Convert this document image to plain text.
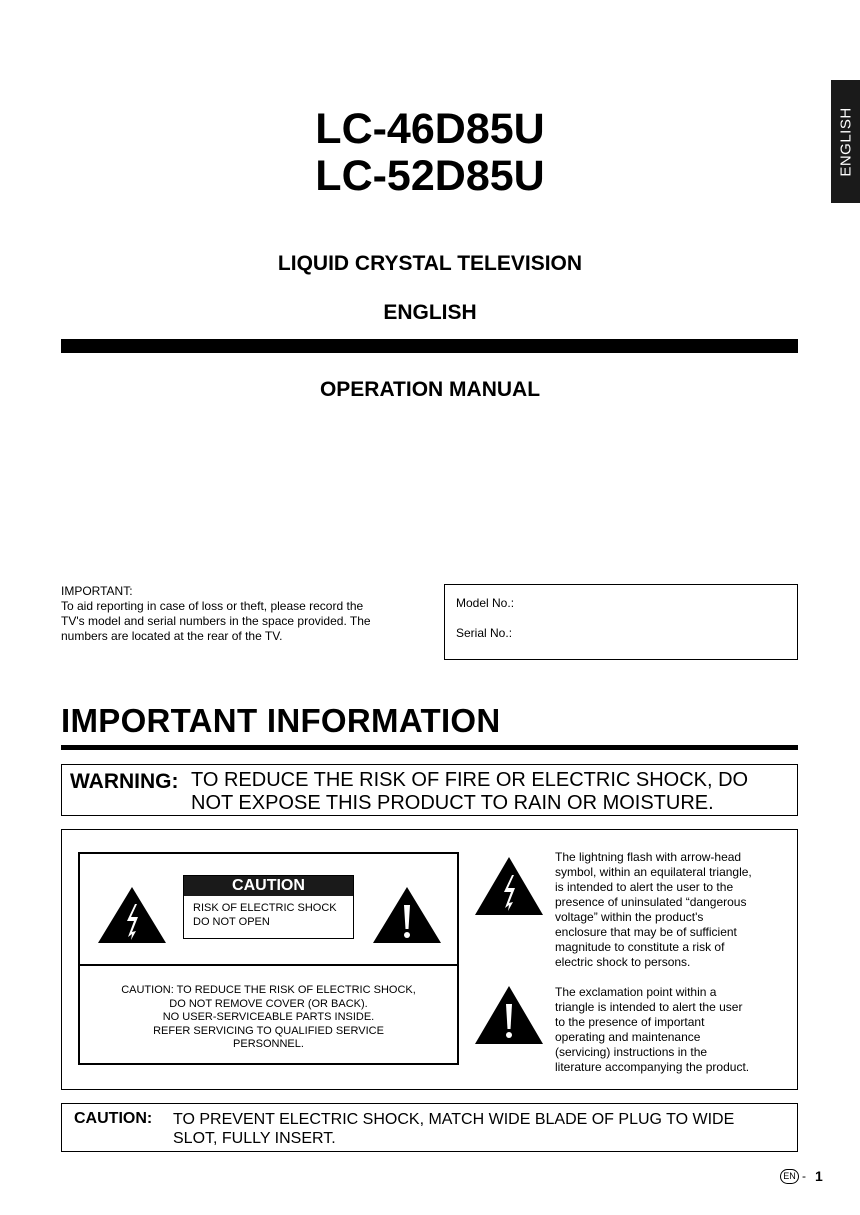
ENGLISH
LC-46D85U
LC-52D85U
LIQUID CRYSTAL TELEVISION
ENGLISH
OPERATION MANUAL
IMPORTANT:
To aid reporting in case of loss or theft, please record the
TV's model and serial numbers in the space provided. The
numbers are located at the rear of the TV.
Model No.:
Serial No.:
IMPORTANT INFORMATION
WARNING: TO REDUCE THE RISK OF FIRE OR ELECTRIC SHOCK, DO
NOT EXPOSE THIS PRODUCT TO RAIN OR MOISTURE.
CAUTION
RISK OF ELECTRIC SHOCK
DO NOT OPEN
CAUTION: TO REDUCE THE RISK OF ELECTRIC SHOCK,
DO NOT REMOVE COVER (OR BACK).
NO USER-SERVICEABLE PARTS INSIDE.
REFER SERVICING TO QUALIFIED SERVICE
PERSONNEL.
The lightning flash with arrow-head
symbol, within an equilateral triangle,
is intended to alert the user to the
presence of uninsulated “dangerous
voltage” within the product's
enclosure that may be of sufficient
magnitude to constitute a risk of
electric shock to persons.
The exclamation point within a
triangle is intended to alert the user
to the presence of important
operating and maintenance
(servicing) instructions in the
literature accompanying the product.
CAUTION: TO PREVENT ELECTRIC SHOCK, MATCH WIDE BLADE OF PLUG TO WIDE
SLOT, FULLY INSERT.
EN - 1
